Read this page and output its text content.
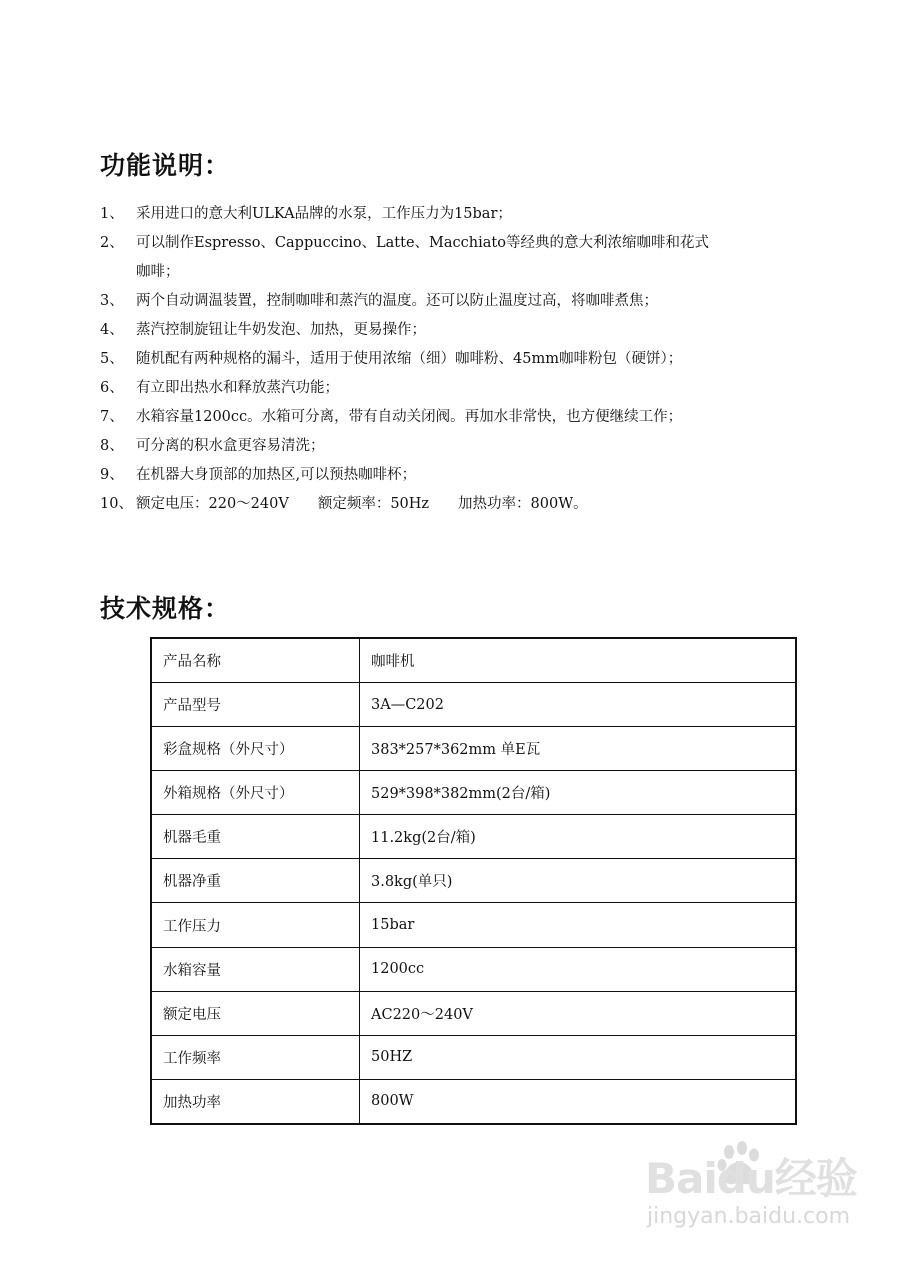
功能说明：
1、 采用进口的意大利ULKA品牌的水泵，工作压力为15bar；
2、 可以制作Espresso、Cappuccino、Latte、Macchiato等经典的意大利浓缩咖啡和花式
咖啡；
3、 两个自动调温装置，控制咖啡和蒸汽的温度。还可以防止温度过高，将咖啡煮焦；
4、 蒸汽控制旋钮让牛奶发泡、加热，更易操作；
5、 随机配有两种规格的漏斗，适用于使用浓缩（细）咖啡粉、45mm咖啡粉包（硬饼）；
6、 有立即出热水和释放蒸汽功能；
7、 水箱容量1200cc。水箱可分离，带有自动关闭阀。再加水非常快，也方便继续工作；
8、 可分离的积水盒更容易清洗；
9、 在机器大身顶部的加热区,可以预热咖啡杯；
10、 额定电压：220～240V　　额定频率：50Hz　　加热功率：800W。
技术规格：
产品名称	咖啡机
产品型号	3A—C202
彩盒规格（外尺寸）	383*257*362mm 单E瓦
外箱规格（外尺寸）	529*398*382mm(2台/箱)
机器毛重	11.2kg(2台/箱)
机器净重	3.8kg(单只)
工作压力	15bar
水箱容量	1200cc
额定电压	AC220～240V
工作频率	50HZ
加热功率	800W
Baidu经验
jingyan.baidu.com
